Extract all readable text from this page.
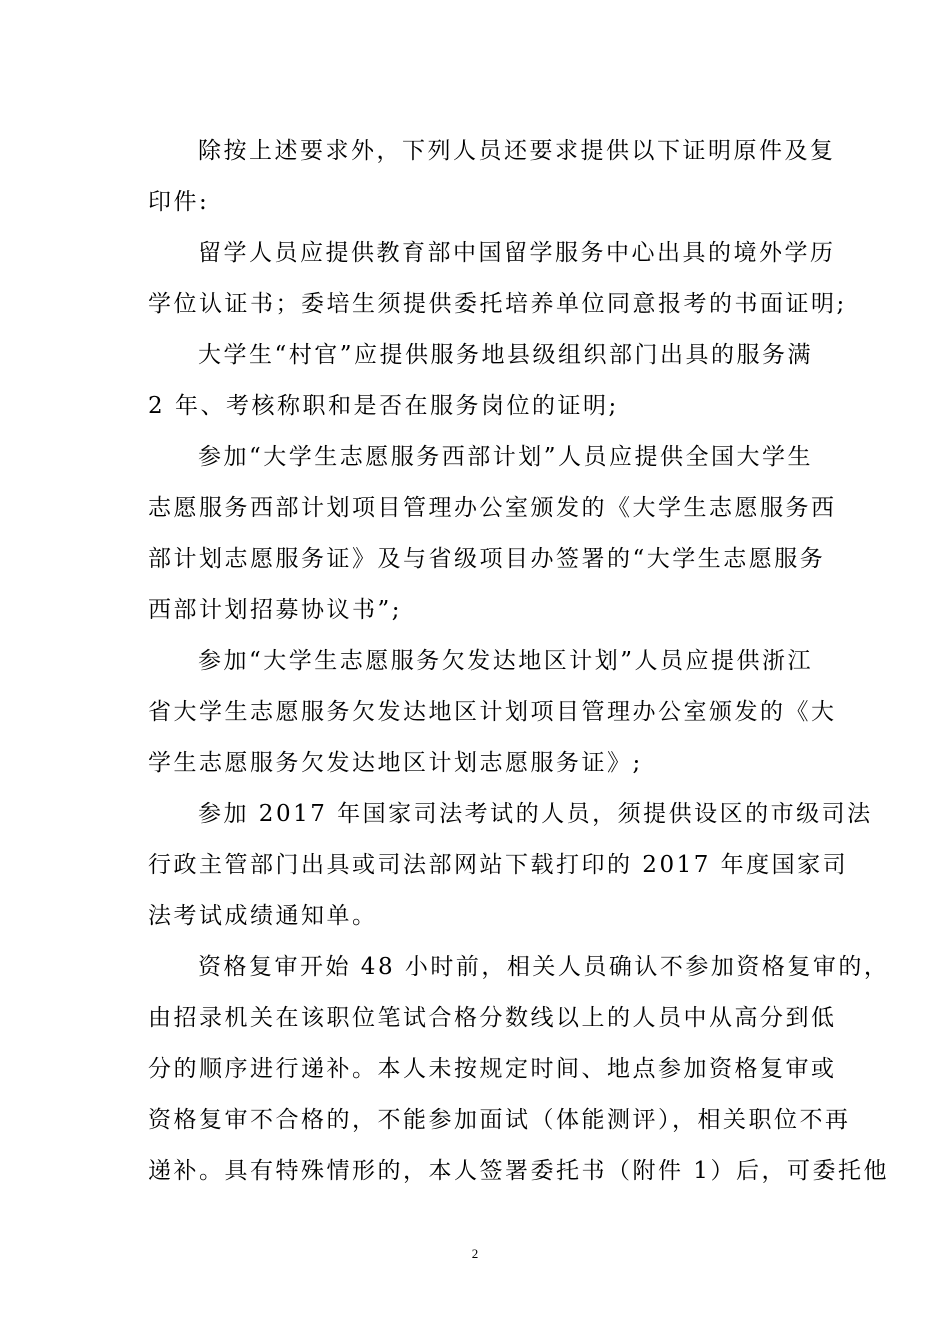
除按上述要求外，下列人员还要求提供以下证明原件及复
印件:

留学人员应提供教育部中国留学服务中心出具的境外学历
学位认证书；委培生须提供委托培养单位同意报考的书面证明;

大学生“村官”应提供服务地县级组织部门出具的服务满
2 年、考核称职和是否在服务岗位的证明;

参加“大学生志愿服务西部计划”人员应提供全国大学生
志愿服务西部计划项目管理办公室颁发的《大学生志愿服务西
部计划志愿服务证》及与省级项目办签署的“大学生志愿服务
西部计划招募协议书”;

参加“大学生志愿服务欠发达地区计划”人员应提供浙江
省大学生志愿服务欠发达地区计划项目管理办公室颁发的《大
学生志愿服务欠发达地区计划志愿服务证》;

参加 2017 年国家司法考试的人员，须提供设区的市级司法
行政主管部门出具或司法部网站下载打印的 2017 年度国家司
法考试成绩通知单。

资格复审开始 48 小时前，相关人员确认不参加资格复审的，
由招录机关在该职位笔试合格分数线以上的人员中从高分到低
分的顺序进行递补。本人未按规定时间、地点参加资格复审或
资格复审不合格的，不能参加面试（体能测评），相关职位不再
递补。具有特殊情形的，本人签署委托书（附件 1）后，可委托他

2
